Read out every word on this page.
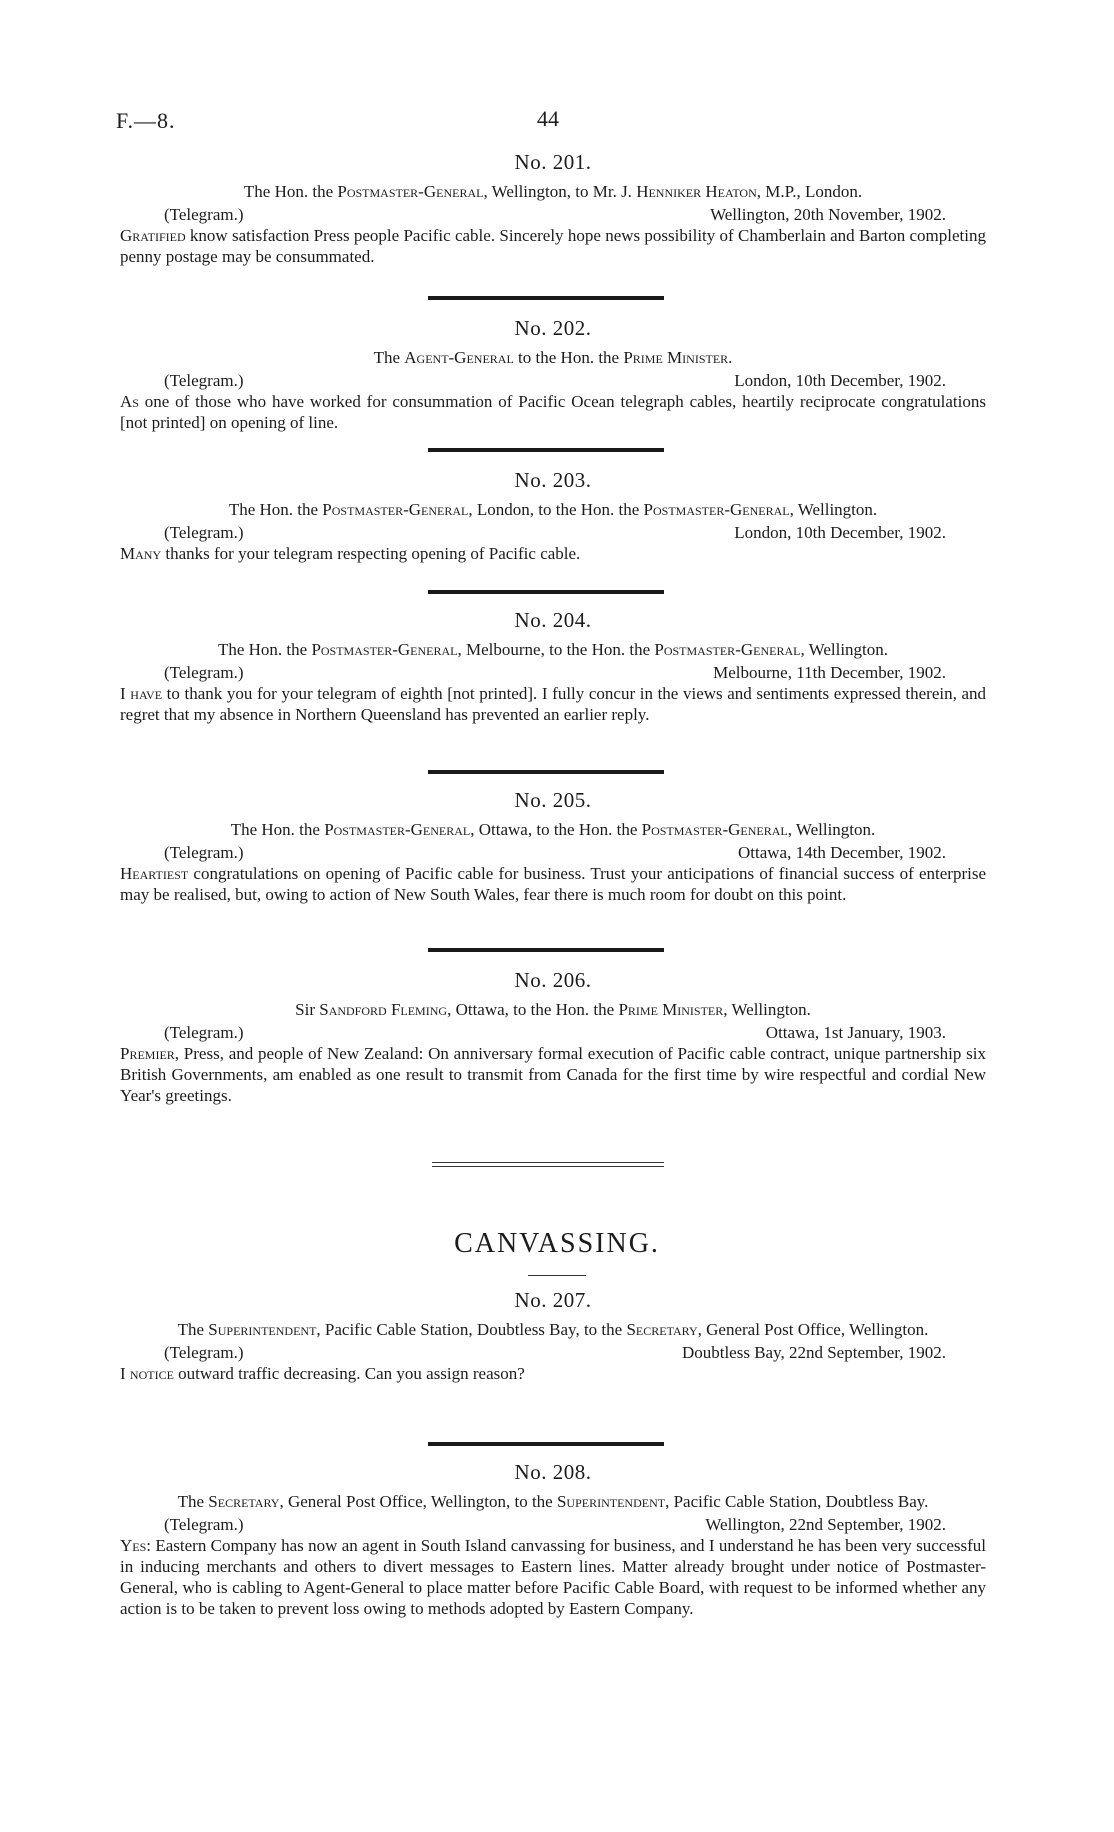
F.—8.	44
No. 201.
The Hon. the Postmaster-General, Wellington, to Mr. J. Henniker Heaton, M.P., London.
(Telegram.)	Wellington, 20th November, 1902.
Gratified know satisfaction Press people Pacific cable. Sincerely hope news possibility of Chamberlain and Barton completing penny postage may be consummated.
No. 202.
The Agent-General to the Hon. the Prime Minister.
(Telegram.)	London, 10th December, 1902.
As one of those who have worked for consummation of Pacific Ocean telegraph cables, heartily reciprocate congratulations [not printed] on opening of line.
No. 203.
The Hon. the Postmaster-General, London, to the Hon. the Postmaster-General, Wellington.
(Telegram.)	London, 10th December, 1902.
Many thanks for your telegram respecting opening of Pacific cable.
No. 204.
The Hon. the Postmaster-General, Melbourne, to the Hon. the Postmaster-General, Wellington.
(Telegram.)	Melbourne, 11th December, 1902.
I have to thank you for your telegram of eighth [not printed]. I fully concur in the views and sentiments expressed therein, and regret that my absence in Northern Queensland has prevented an earlier reply.
No. 205.
The Hon. the Postmaster-General, Ottawa, to the Hon. the Postmaster-General, Wellington.
(Telegram.)	Ottawa, 14th December, 1902.
Heartiest congratulations on opening of Pacific cable for business. Trust your anticipations of financial success of enterprise may be realised, but, owing to action of New South Wales, fear there is much room for doubt on this point.
No. 206.
Sir Sandford Fleming, Ottawa, to the Hon. the Prime Minister, Wellington.
(Telegram.)	Ottawa, 1st January, 1903.
Premier, Press, and people of New Zealand: On anniversary formal execution of Pacific cable contract, unique partnership six British Governments, am enabled as one result to transmit from Canada for the first time by wire respectful and cordial New Year's greetings.
CANVASSING.
No. 207.
The Superintendent, Pacific Cable Station, Doubtless Bay, to the Secretary, General Post Office, Wellington.
(Telegram.)	Doubtless Bay, 22nd September, 1902.
I notice outward traffic decreasing. Can you assign reason?
No. 208.
The Secretary, General Post Office, Wellington, to the Superintendent, Pacific Cable Station, Doubtless Bay.
(Telegram.)	Wellington, 22nd September, 1902.
Yes: Eastern Company has now an agent in South Island canvassing for business, and I understand he has been very successful in inducing merchants and others to divert messages to Eastern lines. Matter already brought under notice of Postmaster-General, who is cabling to Agent-General to place matter before Pacific Cable Board, with request to be informed whether any action is to be taken to prevent loss owing to methods adopted by Eastern Company.
